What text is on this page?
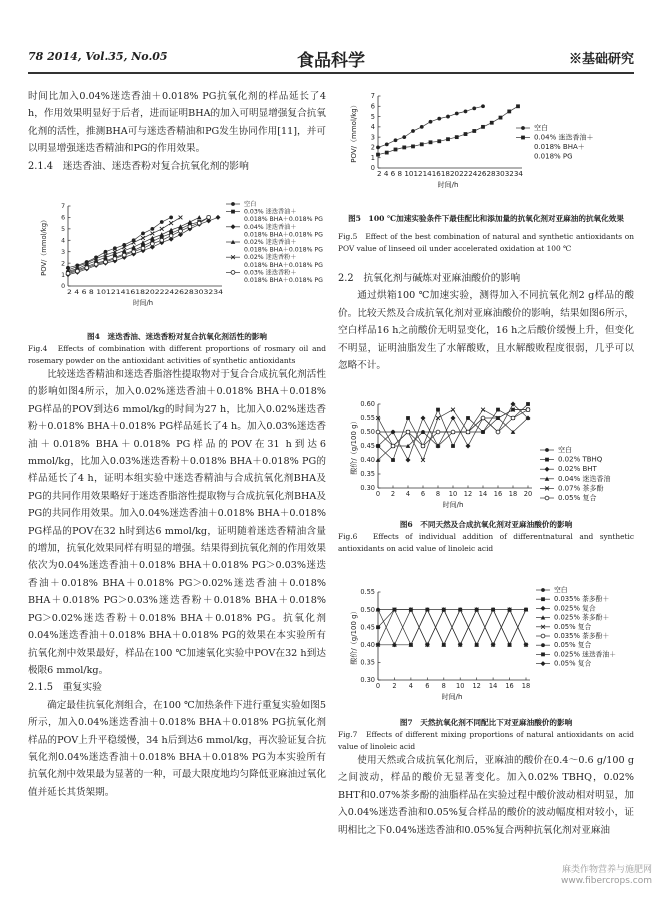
78 2014, Vol.35, No.05	食品科学	※基础研究

时间比加入0.04%迷迭香油＋0.018% PG抗氧化剂的样品延长了4 h，作用效果明显好于后者，进而证明BHA的加入可明显增强复合抗氧化剂的活性，推测BHA可与迷迭香精油和PG发生协同作用[11]，并可以明显增强迷迭香精油和PG的作用效果。

2.1.4　迷迭香油、迷迭香粉对复合抗氧化剂的影响

0
1
2
3
4
5
6
7
2 4 6 8 10121416182022242628303234
时间/h
POV/（mmol/kg）
空白
0.03% 迷迭香油＋
0.018% BHA＋0.018% PG
0.04% 迷迭香油＋
0.018% BHA＋0.018% PG
0.02% 迷迭香油＋
0.018% BHA＋0.018% PG
0.02% 迷迭香粉＋
0.018% BHA＋0.018% PG
0.03% 迷迭香粉＋
0.018% BHA＋0.018% PG
图4　迷迭香油、迷迭香粉对复合抗氧化剂活性的影响
Fig.4　Effects of combination with different proportions of rosmary oil and rosemary powder on the antioxidant activities of synthetic antioxidants

比较迷迭香精油和迷迭香脂溶性提取物对于复合合成抗氧化剂活性的影响如图4所示，加入0.02%迷迭香油＋0.018% BHA＋0.018% PG样品的POV到达6 mmol/kg的时间为27 h，比加入0.02%迷迭香粉＋0.018% BHA＋0.018% PG样品延长了4 h。加入0.03%迷迭香油＋0.018% BHA＋0.018% PG样品的POV在31 h到达6 mmol/kg，比加入0.03%迷迭香粉＋0.018% BHA＋0.018% PG的样品延长了4 h，证明本组实验中迷迭香精油与合成抗氧化剂BHA及PG的共同作用效果略好于迷迭香脂溶性提取物与合成抗氧化剂BHA及PG的共同作用效果。加入0.04%迷迭香油＋0.018% BHA＋0.018% PG样品的POV在32 h时到达6 mmol/kg，证明随着迷迭香精油含量的增加，抗氧化效果同样有明显的增强。结果得到抗氧化剂的作用效果依次为0.04%迷迭香油＋0.018% BHA＋0.018% PG＞0.03%迷迭香油＋0.018% BHA＋0.018% PG＞0.02%迷迭香油＋0.018% BHA＋0.018% PG＞0.03%迷迭香粉＋0.018% BHA＋0.018% PG＞0.02%迷迭香粉＋0.018% BHA＋0.018% PG。抗氧化剂0.04%迷迭香油＋0.018% BHA＋0.018% PG的效果在本实验所有抗氧化剂中效果最好，样品在100 ℃加速氧化实验中POV在32 h到达极限6 mmol/kg。

2.1.5　重复实验

确定最佳抗氧化剂组合，在100 ℃加热条件下进行重复实验如图5所示，加入0.04%迷迭香油＋0.018% BHA＋0.018% PG抗氧化剂样品的POV上升平稳缓慢，34 h后到达6 mmol/kg，再次验证复合抗氧化剂0.04%迷迭香油＋0.018% BHA＋0.018% PG为本实验所有抗氧化剂中效果最为显著的一种，可最大限度地均匀降低亚麻油过氧化值并延长其货架期。

0
1
2
3
4
5
6
7
2 4 6 8 10121416182022242628303234
时间/h
POV/（mmol/kg）	空白
0.04% 迷迭香油＋
0.018% BHA＋
0.018% PG
图5　100 ℃加速实验条件下最佳配比和添加量的抗氧化剂对亚麻油的抗氧化效果
Fig.5　Effect of the best combination of natural and synthetic antioxidants on POV value of linseed oil under accelerated oxidation at 100 ℃

2.2　抗氧化剂与碱炼对亚麻油酸价的影响

通过烘箱100 ℃加速实验，测得加入不同抗氧化剂2 g样品的酸价。比较天然及合成抗氧化剂对亚麻油酸价的影响，结果如图6所示，空白样品16 h之前酸价无明显变化，16 h之后酸价缓慢上升，但变化不明显，证明油脂发生了水解酸败，且水解酸败程度很弱，几乎可以忽略不计。

0.30
0.35
0.40
0.45
0.50
0.55
0.60
0 2 4 6 8 10 12 14 16 18 20
时间/h
酸价/（g/100 g）	空白
0.02% TBHQ
0.02% BHT
0.04% 迷迭香油
0.07% 茶多酚
0.05% 复合
图6　不同天然及合成抗氧化剂对亚麻油酸价的影响
Fig.6　Effects of individual addition of differentnatural and synthetic antioxidants on acid value of linoleic acid
0.30
0.35
0.40
0.45
0.50
0.55
0 2 4 6 8 10 12 14 16 18
时间/h
酸价/（g/100 g）
空白
0.035% 茶多酚＋
0.025% 复合
0.025% 茶多酚＋
0.05% 复合
0.035% 茶多酚＋
0.05% 复合
0.025% 迷迭香油＋
0.05% 复合
图7　天然抗氧化剂不同配比下对亚麻油酸价的影响
Fig.7　Effects of different mixing proportions of natural antioxidants on acid value of linoleic acid

使用天然或合成抗氧化剂后，亚麻油的酸价在0.4～0.6 g/100 g之间波动，样品的酸价无显著变化。加入0.02% TBHQ，0.02% BHT和0.07%茶多酚的油脂样品在实验过程中酸价波动相对明显，加入0.04%迷迭香油和0.05%复合样品的酸价的波动幅度相对较小，证明相比之下0.04%迷迭香油和0.05%复合两种抗氧化剂对亚麻油

麻类作物营养与施肥网
www.fibercrops.com
